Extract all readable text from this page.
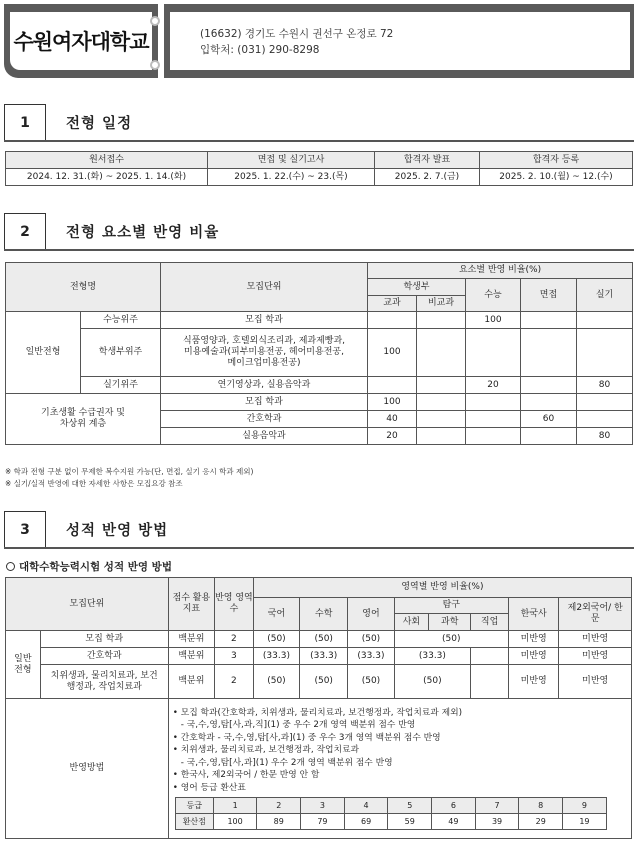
수원여자대학교	(16632) 경기도 수원시 권선구 온정로 72
입학처: (031) 290-8298
1	전형 일정
원서접수	면접 및 실기고사	합격자 발표	합격자 등록
2024. 12. 31.(화) ~ 2025. 1. 14.(화)	2025. 1. 22.(수) ~ 23.(목)	2025. 2. 7.(금)	2025. 2. 10.(월) ~ 12.(수)
2	전형 요소별 반영 비율
전형명		모집단위	요소별 반영 비율(%)				
			학생부		수능	면접	실기
			교과	비교과			
일반전형	수능위주	모집 학과			100		
	학생부위주	식품영양과, 호텔외식조리과, 제과제빵과, 미용예술과(피부미용전공, 헤어미용전공, 메이크업미용전공)	100				
	실기위주	연기영상과, 실용음악과			20		80
기초생활 수급권자 및 차상위 계층		모집 학과	100				
		간호학과	40			60	
		실용음악과	20				80
※ 학과 전형 구분 없이 무제한 복수지원 가능(단, 면접, 실기 응시 학과 제외)
※ 실기/실적 반영에 대한 자세한 사항은 모집요강 참조
3	성적 반영 방법
대학수학능력시험 성적 반영 방법
모집단위	점수 활용 지표	반영 영역수	영역별 반영 비율(%)
국어	수학	영어	탐구	한국사	제2외국어/ 한문
사회	과학	직업
일반 전형	모집 학과	백분위	2	(50)	(50)	(50)	(50)	미반영	미반영
간호학과	백분위	3	(33.3)	(33.3)	(33.3)	(33.3)		미반영	미반영
치위생과, 물리치료과, 보건행정과, 작업치료과	백분위	2	(50)	(50)	(50)	(50)		미반영	미반영
반영방법	
• 모집 학과(간호학과, 치위생과, 물리치료과, 보건행정과, 작업치료과 제외)
- 국,수,영,탐[사,과,직](1) 중 우수 2개 영역 백분위 점수 반영
• 간호학과 - 국,수,영,탐[사,과](1) 중 우수 3개 영역 백분위 점수 반영
• 치위생과, 물리치료과, 보건행정과, 작업치료과
- 국,수,영,탐[사,과](1) 우수 2개 영역 백분위 점수 반영
• 한국사, 제2외국어 / 한문 반영 안 함
• 영어 등급 환산표
등급	1	2	3	4	5	6	7	8	9
환산점	100	89	79	69	59	49	39	29	19
